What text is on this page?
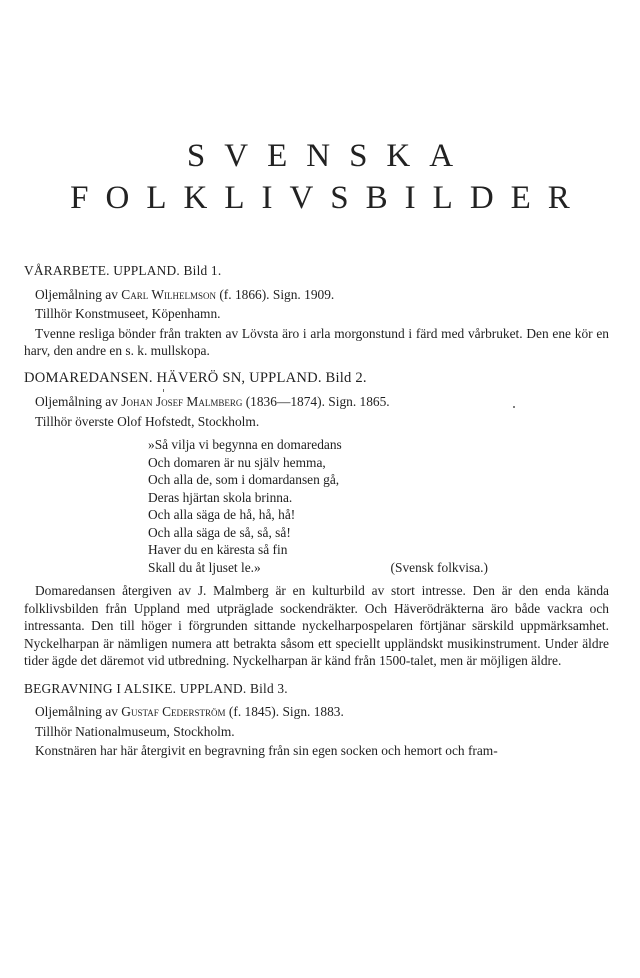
SVENSKA
FOLKLIVSBILDER

VÅRARBETE. UPPLAND. Bild 1.

Oljemålning av Carl Wilhelmson (f. 1866). Sign. 1909.

Tillhör Konstmuseet, Köpenhamn.

Tvenne resliga bönder från trakten av Lövsta äro i arla morgonstund i färd med vårbruket. Den ene kör en harv, den andre en s. k. mullskopa.

DOMAREDANSEN. HÄVERÖ SN, UPPLAND. Bild 2.

Oljemålning av Johan Josef Malmberg (1836—1874). Sign. 1865.

Tillhör överste Olof Hofstedt, Stockholm.

»Så vilja vi begynna en domaredans

Och domaren är nu själv hemma,

Och alla de, som i domardansen gå,

Deras hjärtan skola brinna.

Och alla säga de hå, hå, hå!

Och alla säga de så, så, så!

Haver du en käresta så fin

Skall du åt ljuset le.»	(Svensk folkvisa.)

Domaredansen återgiven av J. Malmberg är en kulturbild av stort intresse. Den är den enda kända folklivsbilden från Uppland med utpräglade sockendräkter. Och Häverödräkterna äro både vackra och intressanta. Den till höger i förgrunden sittande nyckelharpospelaren förtjänar särskild uppmärksamhet. Nyckelharpan är nämligen numera att betrakta såsom ett speciellt uppländskt musikinstrument. Under äldre tider ägde det däremot vid utbredning. Nyckelharpan är känd från 1500-talet, men är möjligen äldre.

BEGRAVNING I ALSIKE. UPPLAND. Bild 3.

Oljemålning av Gustaf Cederström (f. 1845). Sign. 1883.

Tillhör Nationalmuseum, Stockholm.

Konstnären har här återgivit en begravning från sin egen socken och hemort och fram-
